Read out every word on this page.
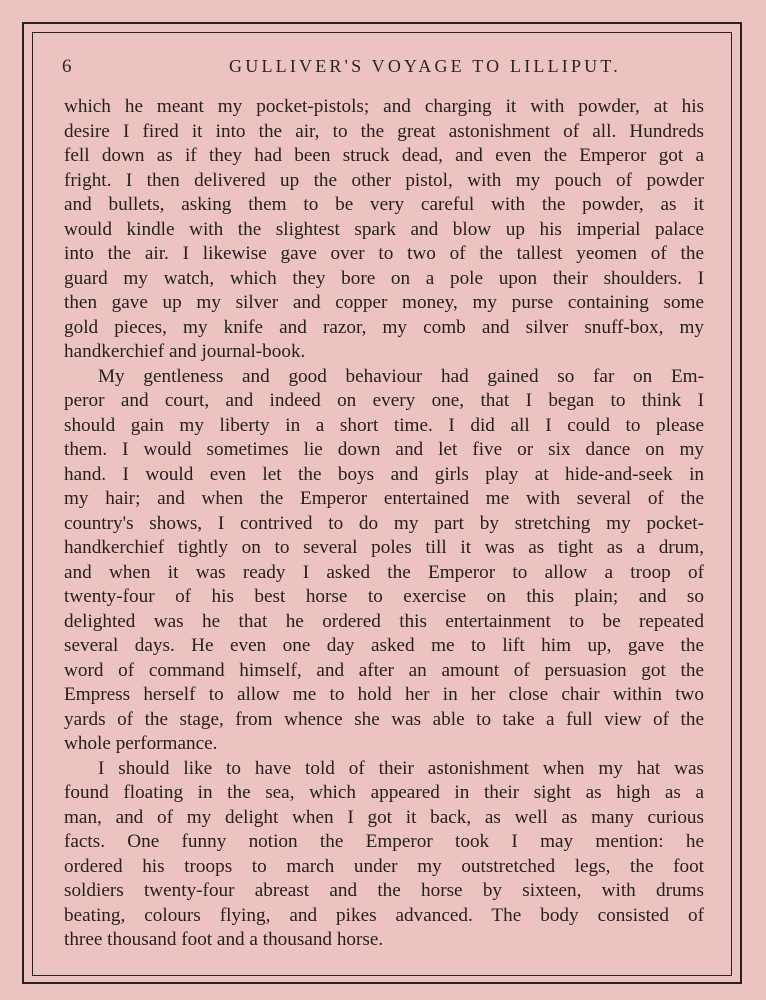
6	GULLIVER'S VOYAGE TO LILLIPUT.
which he meant my pocket-pistols; and charging it with powder, at his
desire I fired it into the air, to the great astonishment of all. Hundreds
fell down as if they had been struck dead, and even the Emperor got a
fright. I then delivered up the other pistol, with my pouch of powder
and bullets, asking them to be very careful with the powder, as it
would kindle with the slightest spark and blow up his imperial palace
into the air. I likewise gave over to two of the tallest yeomen of the
guard my watch, which they bore on a pole upon their shoulders. I
then gave up my silver and copper money, my purse containing some
gold pieces, my knife and razor, my comb and silver snuff-box, my
handkerchief and journal-book.
My gentleness and good behaviour had gained so far on Em-
peror and court, and indeed on every one, that I began to think I
should gain my liberty in a short time. I did all I could to please
them. I would sometimes lie down and let five or six dance on my
hand. I would even let the boys and girls play at hide-and-seek in
my hair; and when the Emperor entertained me with several of the
country's shows, I contrived to do my part by stretching my pocket-
handkerchief tightly on to several poles till it was as tight as a drum,
and when it was ready I asked the Emperor to allow a troop of
twenty-four of his best horse to exercise on this plain; and so
delighted was he that he ordered this entertainment to be repeated
several days. He even one day asked me to lift him up, gave the
word of command himself, and after an amount of persuasion got the
Empress herself to allow me to hold her in her close chair within two
yards of the stage, from whence she was able to take a full view of the
whole performance.
I should like to have told of their astonishment when my hat was
found floating in the sea, which appeared in their sight as high as a
man, and of my delight when I got it back, as well as many curious
facts. One funny notion the Emperor took I may mention: he
ordered his troops to march under my outstretched legs, the foot
soldiers twenty-four abreast and the horse by sixteen, with drums
beating, colours flying, and pikes advanced. The body consisted of
three thousand foot and a thousand horse.
